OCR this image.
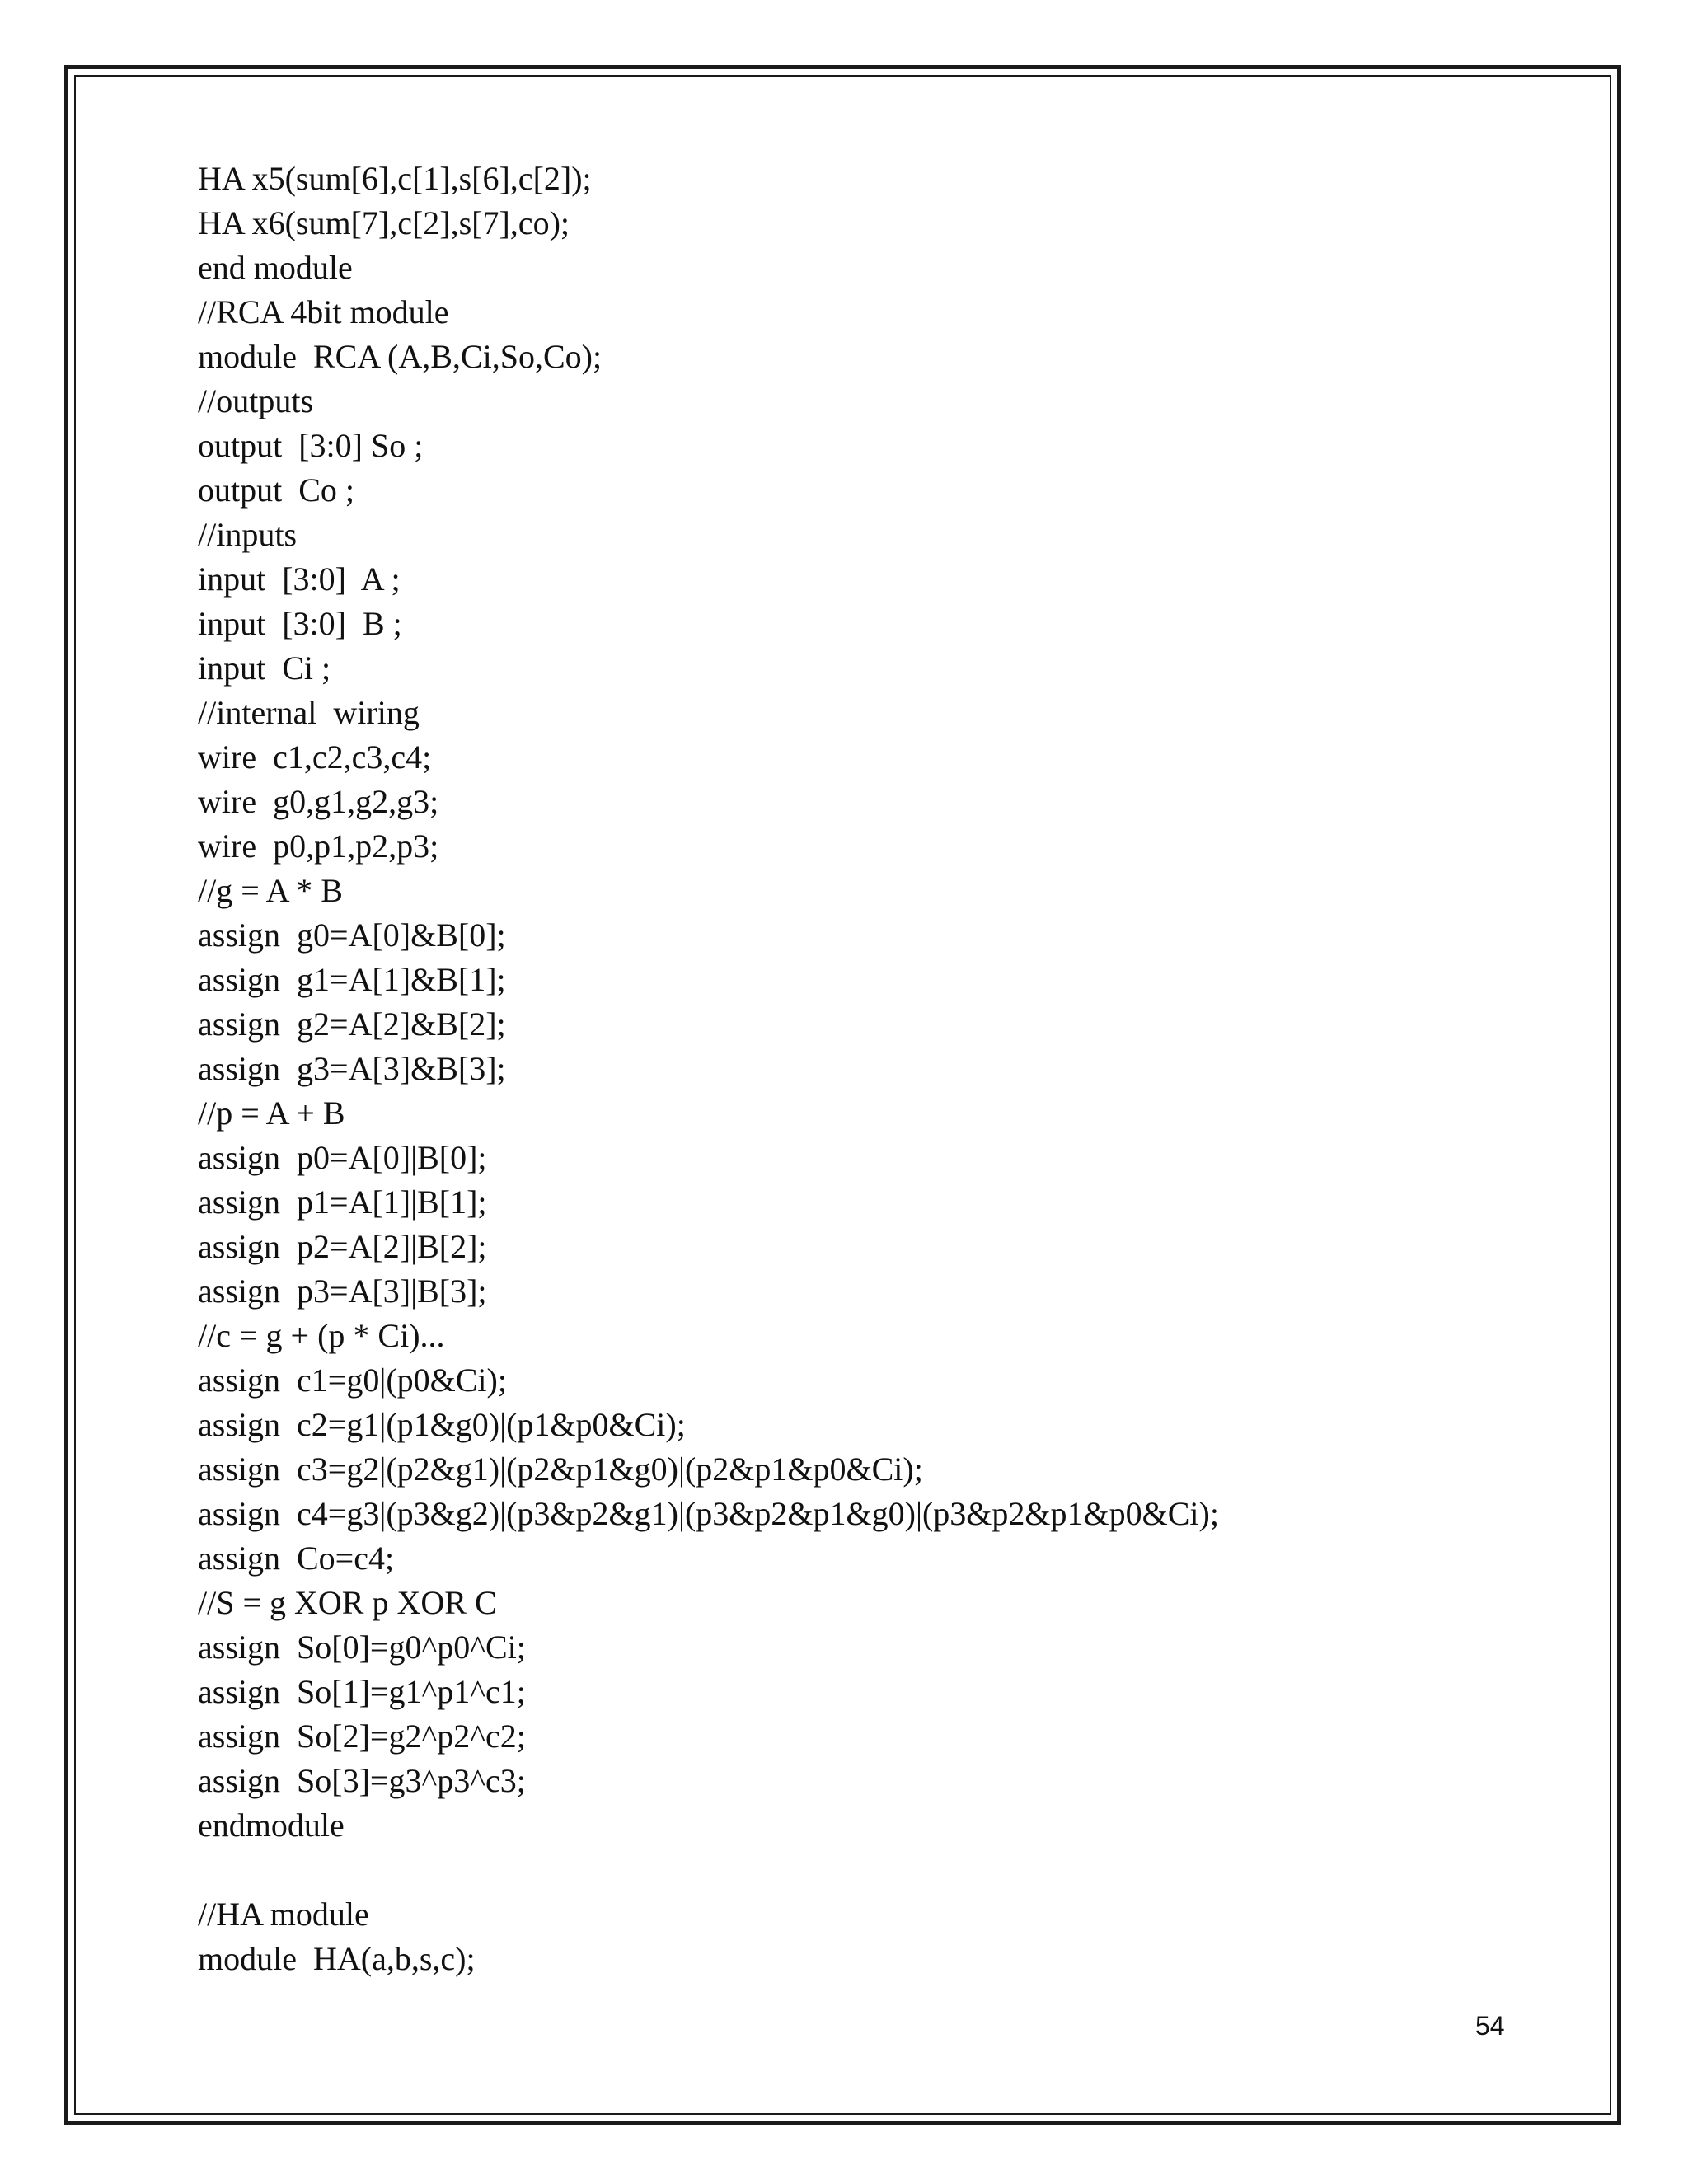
HA x5(sum[6],c[1],s[6],c[2]);
HA x6(sum[7],c[2],s[7],co);
end module
//RCA 4bit module
module  RCA (A,B,Ci,So,Co);
//outputs
output  [3:0] So ;
output  Co ;
//inputs
input  [3:0]  A ;
input  [3:0]  B ;
input  Ci ;
//internal  wiring
wire  c1,c2,c3,c4;
wire  g0,g1,g2,g3;
wire  p0,p1,p2,p3;
//g = A * B
assign  g0=A[0]&B[0];
assign  g1=A[1]&B[1];
assign  g2=A[2]&B[2];
assign  g3=A[3]&B[3];
//p = A + B
assign  p0=A[0]|B[0];
assign  p1=A[1]|B[1];
assign  p2=A[2]|B[2];
assign  p3=A[3]|B[3];
//c = g + (p * Ci)...
assign  c1=g0|(p0&Ci);
assign  c2=g1|(p1&g0)|(p1&p0&Ci);
assign  c3=g2|(p2&g1)|(p2&p1&g0)|(p2&p1&p0&Ci);
assign  c4=g3|(p3&g2)|(p3&p2&g1)|(p3&p2&p1&g0)|(p3&p2&p1&p0&Ci);
assign  Co=c4;
//S = g XOR p XOR C
assign  So[0]=g0^p0^Ci;
assign  So[1]=g1^p1^c1;
assign  So[2]=g2^p2^c2;
assign  So[3]=g3^p3^c3;
endmodule
//HA module
module  HA(a,b,s,c);
54
